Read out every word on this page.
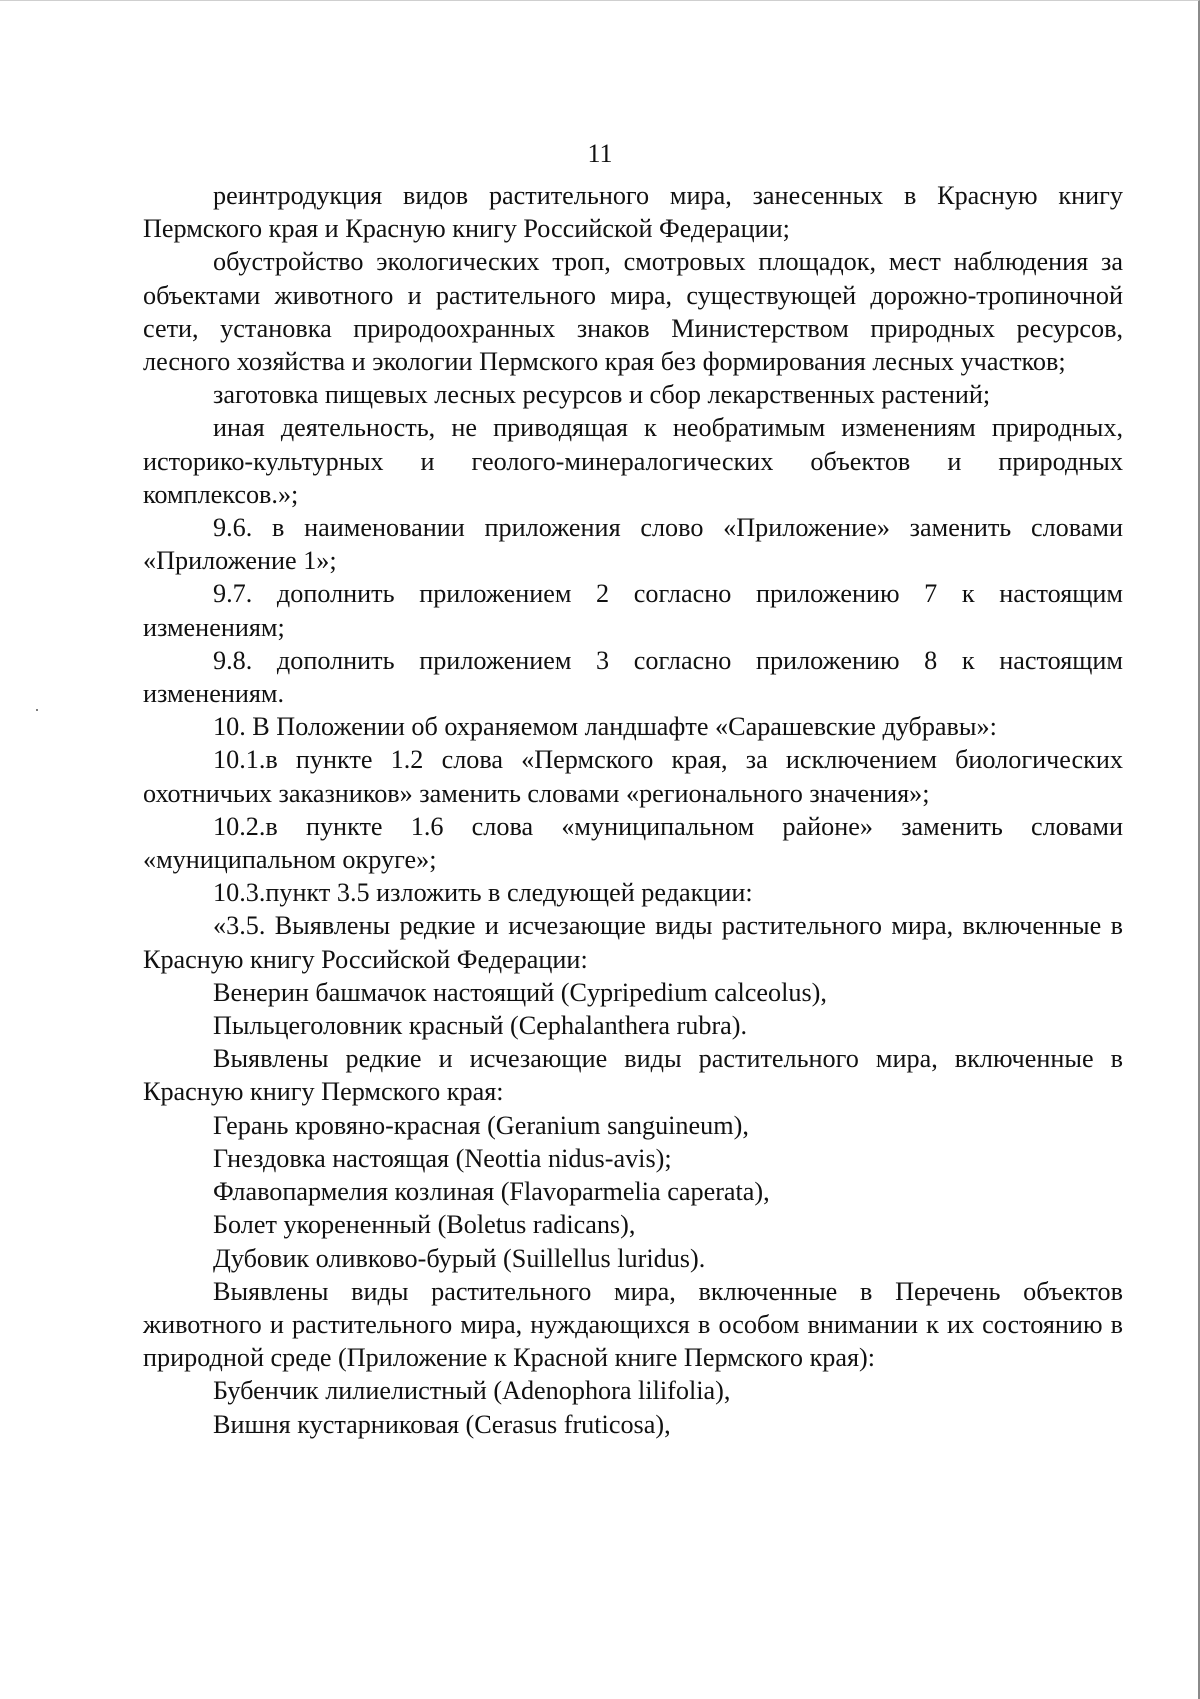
11

реинтродукция видов растительного мира, занесенных в Красную книгу Пермского края и Красную книгу Российской Федерации;

обустройство экологических троп, смотровых площадок, мест наблюдения за объектами животного и растительного мира, существующей дорожно-тропиночной сети, установка природоохранных знаков Министерством природных ресурсов, лесного хозяйства и экологии Пермского края без формирования лесных участков;

заготовка пищевых лесных ресурсов и сбор лекарственных растений;

иная деятельность, не приводящая к необратимым изменениям природных, историко-культурных и геолого-минералогических объектов и природных комплексов.»;

9.6. в наименовании приложения слово «Приложение» заменить словами «Приложение 1»;

9.7. дополнить приложением 2 согласно приложению 7 к настоящим изменениям;

9.8. дополнить приложением 3 согласно приложению 8 к настоящим изменениям.

10. В Положении об охраняемом ландшафте «Сарашевские дубравы»:

10.1.в пункте 1.2 слова «Пермского края, за исключением биологических охотничьих заказников» заменить словами «регионального значения»;

10.2.в пункте 1.6 слова «муниципальном районе» заменить словами «муниципальном округе»;

10.3.пункт 3.5 изложить в следующей редакции:

«3.5. Выявлены редкие и исчезающие виды растительного мира, включенные в Красную книгу Российской Федерации:

Венерин башмачок настоящий (Cypripedium calceolus),

Пыльцеголовник красный (Cephalanthera rubra).

Выявлены редкие и исчезающие виды растительного мира, включенные в Красную книгу Пермского края:

Герань кровяно-красная (Geranium sanguineum),

Гнездовка настоящая (Neottia nidus-avis);

Флавопармелия козлиная (Flavoparmelia caperata),

Болет укорененный (Boletus radicans),

Дубовик оливково-бурый (Suillellus luridus).

Выявлены виды растительного мира, включенные в Перечень объектов животного и растительного мира, нуждающихся в особом внимании к их состоянию в природной среде (Приложение к Красной книге Пермского края):

Бубенчик лилиелистный (Adenophora lilifolia),

Вишня кустарниковая (Cerasus fruticosa),
